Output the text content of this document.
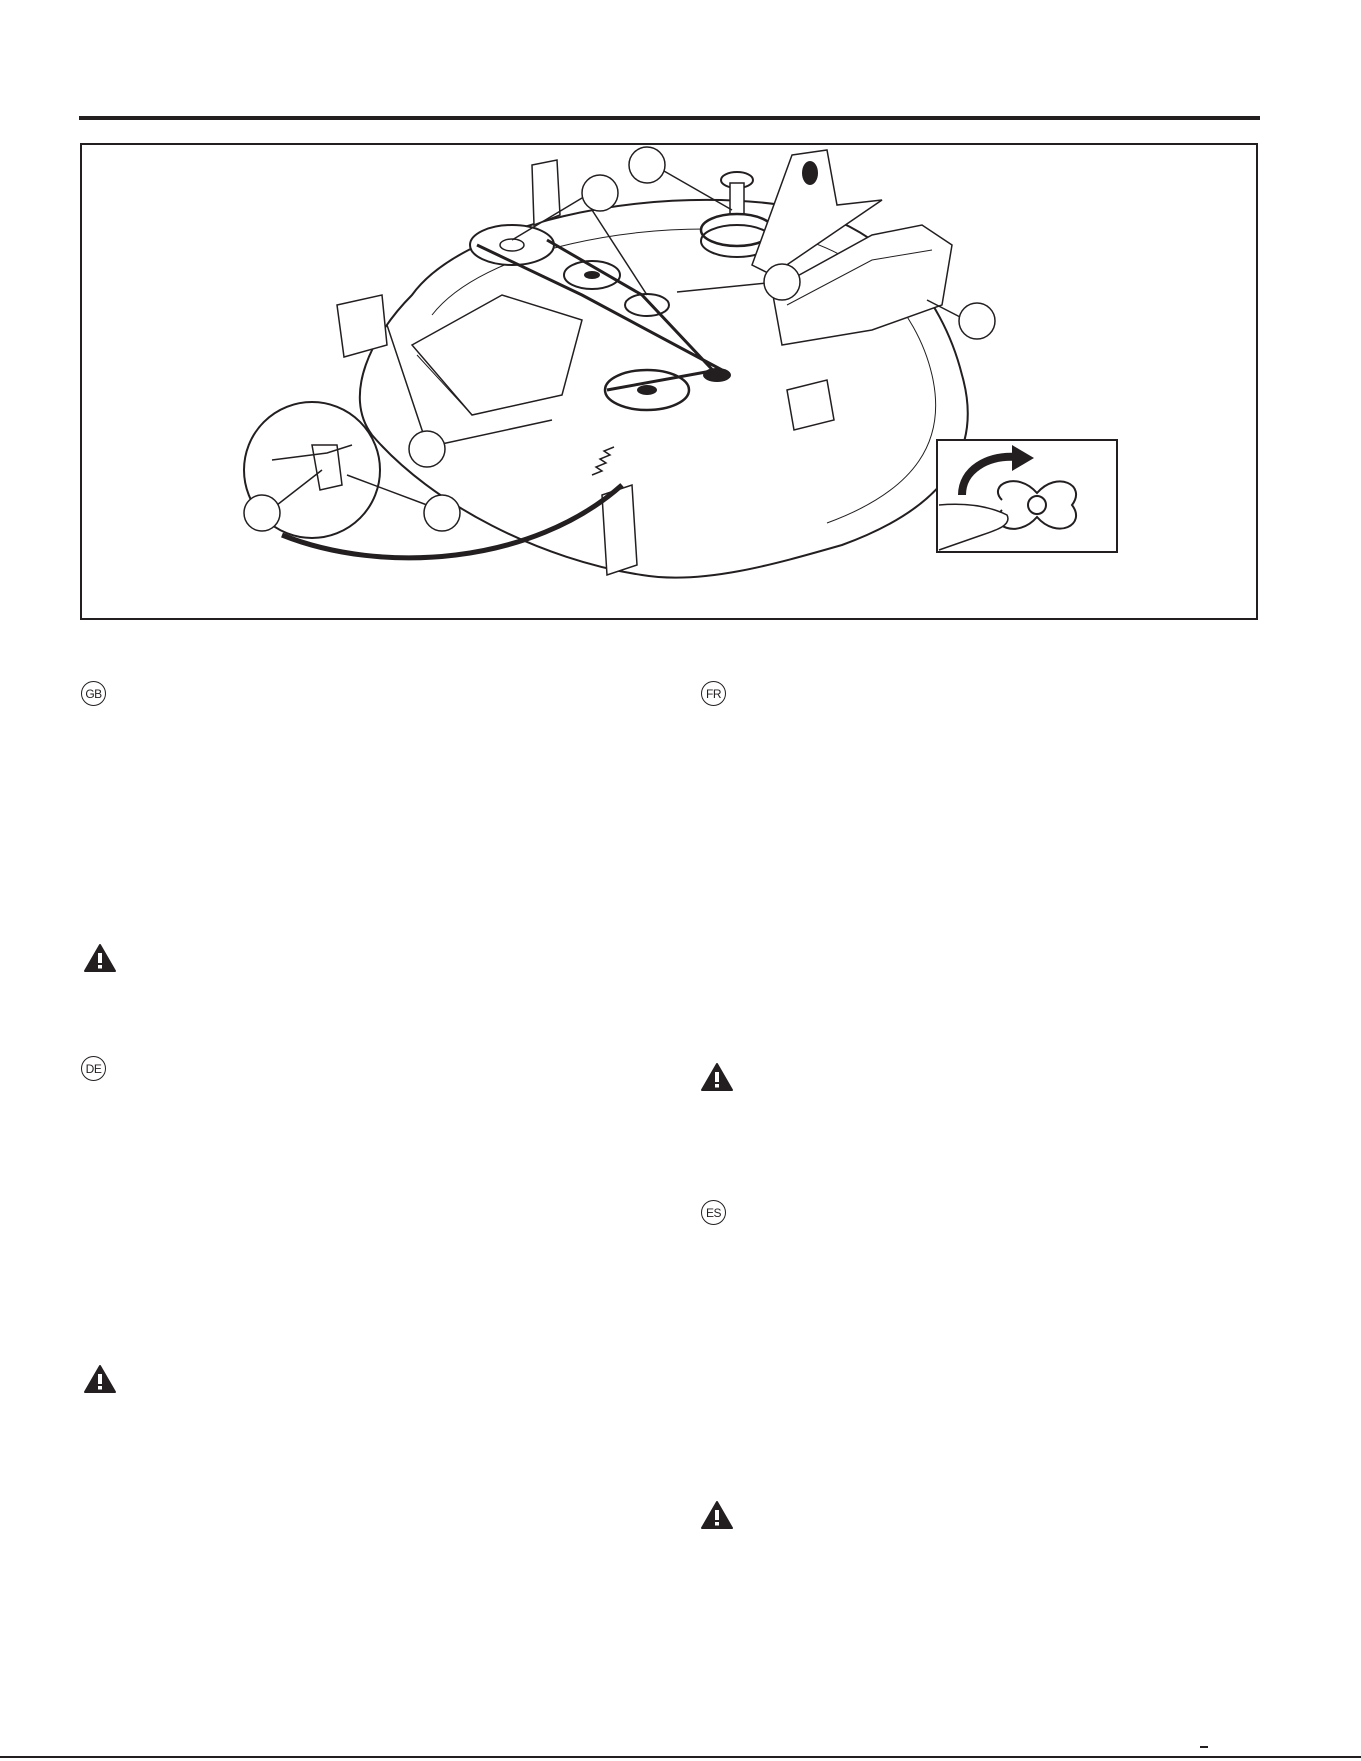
GB
DE
FR
ES
